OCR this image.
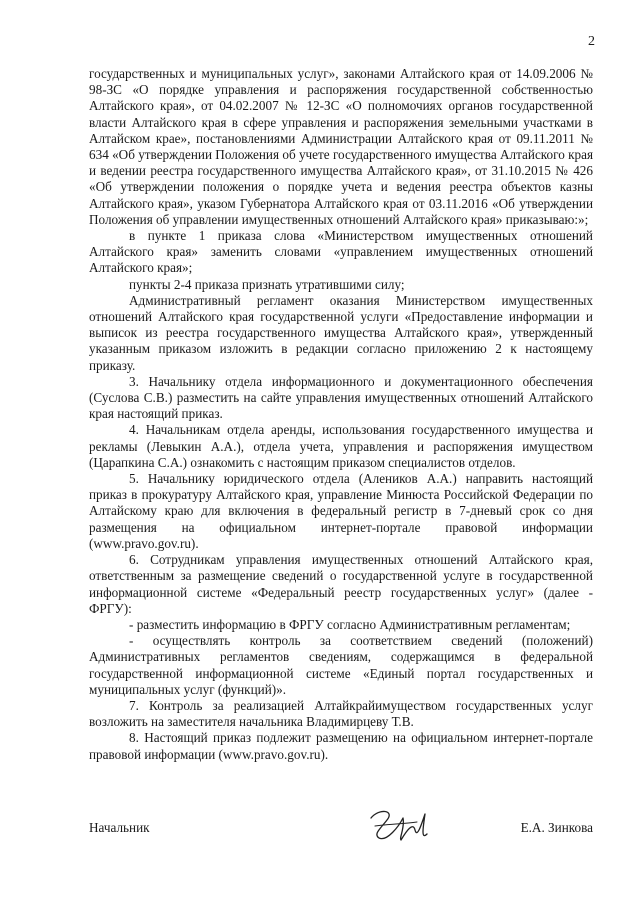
2

государственных и муниципальных услуг», законами Алтайского края от 14.09.2006 № 98-ЗС «О порядке управления и распоряжения государственной собственностью Алтайского края», от 04.02.2007 № 12-ЗС «О полномочиях органов государственной власти Алтайского края в сфере управления и распоряжения земельными участками в Алтайском крае», постановлениями Администрации Алтайского края от 09.11.2011 № 634 «Об утверждении Положения об учете государственного имущества Алтайского края и ведении реестра государственного имущества Алтайского края», от 31.10.2015 № 426 «Об утверждении положения о порядке учета и ведения реестра объектов казны Алтайского края», указом Губернатора Алтайского края от 03.11.2016 «Об утверждении Положения об управлении имущественных отношений Алтайского края» приказываю:»;

в пункте 1 приказа слова «Министерством имущественных отношений Алтайского края» заменить словами «управлением имущественных отношений Алтайского края»;

пункты 2-4 приказа признать утратившими силу;

Административный регламент оказания Министерством имущественных отношений Алтайского края государственной услуги «Предоставление информации и выписок из реестра государственного имущества Алтайского края», утвержденный указанным приказом изложить в редакции согласно приложению 2 к настоящему приказу.

3. Начальнику отдела информационного и документационного обеспечения (Суслова С.В.) разместить на сайте управления имущественных отношений Алтайского края настоящий приказ.

4. Начальникам отдела аренды, использования государственного имущества и рекламы (Левыкин А.А.), отдела учета, управления и распоряжения имуществом (Царапкина С.А.) ознакомить с настоящим приказом специалистов отделов.

5. Начальнику юридического отдела (Алеников А.А.) направить настоящий приказ в прокуратуру Алтайского края, управление Минюста Российской Федерации по Алтайскому краю для включения в федеральный регистр в 7-дневый срок со дня размещения на официальном интернет-портале правовой информации (www.pravo.gov.ru).

6. Сотрудникам управления имущественных отношений Алтайского края, ответственным за размещение сведений о государственной услуге в государственной информационной системе «Федеральный реестр государственных услуг» (далее - ФРГУ):

- разместить информацию в ФРГУ согласно Административным регламентам;

- осуществлять контроль за соответствием сведений (положений) Административных регламентов сведениям, содержащимся в федеральной государственной информационной системе «Единый портал государственных и муниципальных услуг (функций)».

7. Контроль за реализацией Алтайкрайимуществом государственных услуг возложить на заместителя начальника Владимирцеву Т.В.

8. Настоящий приказ подлежит размещению на официальном интернет-портале правовой информации (www.pravo.gov.ru).

Начальник	Е.А. Зинкова
